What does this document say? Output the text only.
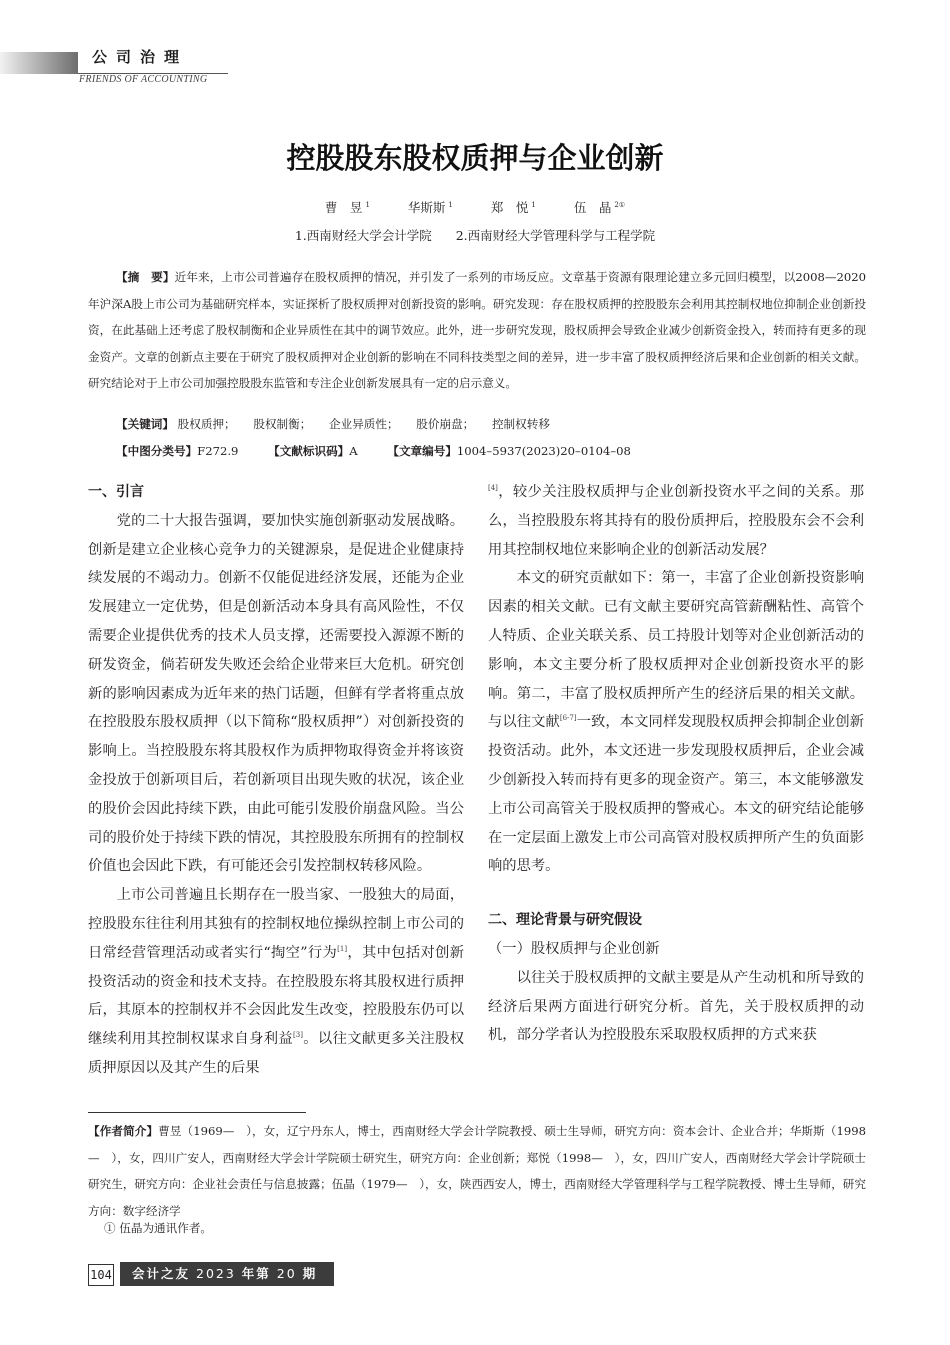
公司治理
FRIENDS OF ACCOUNTING
控股股东股权质押与企业创新
曹　昱 $^1$	华斯斯 $^1$	郑　悦 $^1$	伍　晶 $^{2①}$
1.西南财经大学会计学院 2.西南财经大学管理科学与工程学院
【摘　要】近年来，上市公司普遍存在股权质押的情况，并引发了一系列的市场反应。文章基于资源有限理论建立多元回归模型，以2008—2020年沪深A股上市公司为基础研究样本，实证探析了股权质押对创新投资的影响。研究发现：存在股权质押的控股股东会利用其控制权地位抑制企业创新投资，在此基础上还考虑了股权制衡和企业异质性在其中的调节效应。此外，进一步研究发现，股权质押会导致企业减少创新资金投入，转而持有更多的现金资产。文章的创新点主要在于研究了股权质押对企业创新的影响在不同科技类型之间的差异，进一步丰富了股权质押经济后果和企业创新的相关文献。研究结论对于上市公司加强控股股东监管和专注企业创新发展具有一定的启示意义。
【关键词】 股权质押； 股权制衡； 企业异质性； 股价崩盘； 控制权转移
【中图分类号】F272.9	【文献标识码】A	【文章编号】1004–5937(2023)20–0104–08

一、引言

党的二十大报告强调，要加快实施创新驱动发展战略。创新是建立企业核心竞争力的关键源泉，是促进企业健康持续发展的不竭动力。创新不仅能促进经济发展，还能为企业发展建立一定优势，但是创新活动本身具有高风险性，不仅需要企业提供优秀的技术人员支撑，还需要投入源源不断的研发资金，倘若研发失败还会给企业带来巨大危机。研究创新的影响因素成为近年来的热门话题，但鲜有学者将重点放在控股股东股权质押（以下简称“股权质押”）对创新投资的影响上。当控股股东将其股权作为质押物取得资金并将该资金投放于创新项目后，若创新项目出现失败的状况，该企业的股价会因此持续下跌，由此可能引发股价崩盘风险。当公司的股价处于持续下跌的情况，其控股股东所拥有的控制权价值也会因此下跌，有可能还会引发控制权转移风险。

上市公司普遍且长期存在一股当家、一股独大的局面，控股股东往往利用其独有的控制权地位操纵控制上市公司的日常经营管理活动或者实行“掏空”行为[1]，其中包括对创新投资活动的资金和技术支持。在控股股东将其股权进行质押后，其原本的控制权并不会因此发生改变，控股股东仍可以继续利用其控制权谋求自身利益[3]。以往文献更多关注股权质押原因以及其产生的后果

[4]，较少关注股权质押与企业创新投资水平之间的关系。那么，当控股股东将其持有的股份质押后，控股股东会不会利用其控制权地位来影响企业的创新活动发展？

本文的研究贡献如下：第一，丰富了企业创新投资影响因素的相关文献。已有文献主要研究高管薪酬粘性、高管个人特质、企业关联关系、员工持股计划等对企业创新活动的影响，本文主要分析了股权质押对企业创新投资水平的影响。第二，丰富了股权质押所产生的经济后果的相关文献。与以往文献[6-7]一致，本文同样发现股权质押会抑制企业创新投资活动。此外，本文还进一步发现股权质押后，企业会减少创新投入转而持有更多的现金资产。第三，本文能够激发上市公司高管关于股权质押的警戒心。本文的研究结论能够在一定层面上激发上市公司高管对股权质押所产生的负面影响的思考。

二、理论背景与研究假设

（一）股权质押与企业创新

以往关于股权质押的文献主要是从产生动机和所导致的经济后果两方面进行研究分析。首先，关于股权质押的动机，部分学者认为控股股东采取股权质押的方式来获

【作者简介】曹昱（1969—　），女，辽宁丹东人，博士，西南财经大学会计学院教授、硕士生导师，研究方向：资本会计、企业合并；华斯斯（1998—　），女，四川广安人，西南财经大学会计学院硕士研究生，研究方向：企业创新；郑悦（1998—　），女，四川广安人，西南财经大学会计学院硕士研究生，研究方向：企业社会责任与信息披露；伍晶（1979—　），女，陕西西安人，博士，西南财经大学管理科学与工程学院教授、博士生导师，研究方向：数字经济学
① 伍晶为通讯作者。
104	会计之友 2023 年第 20 期
